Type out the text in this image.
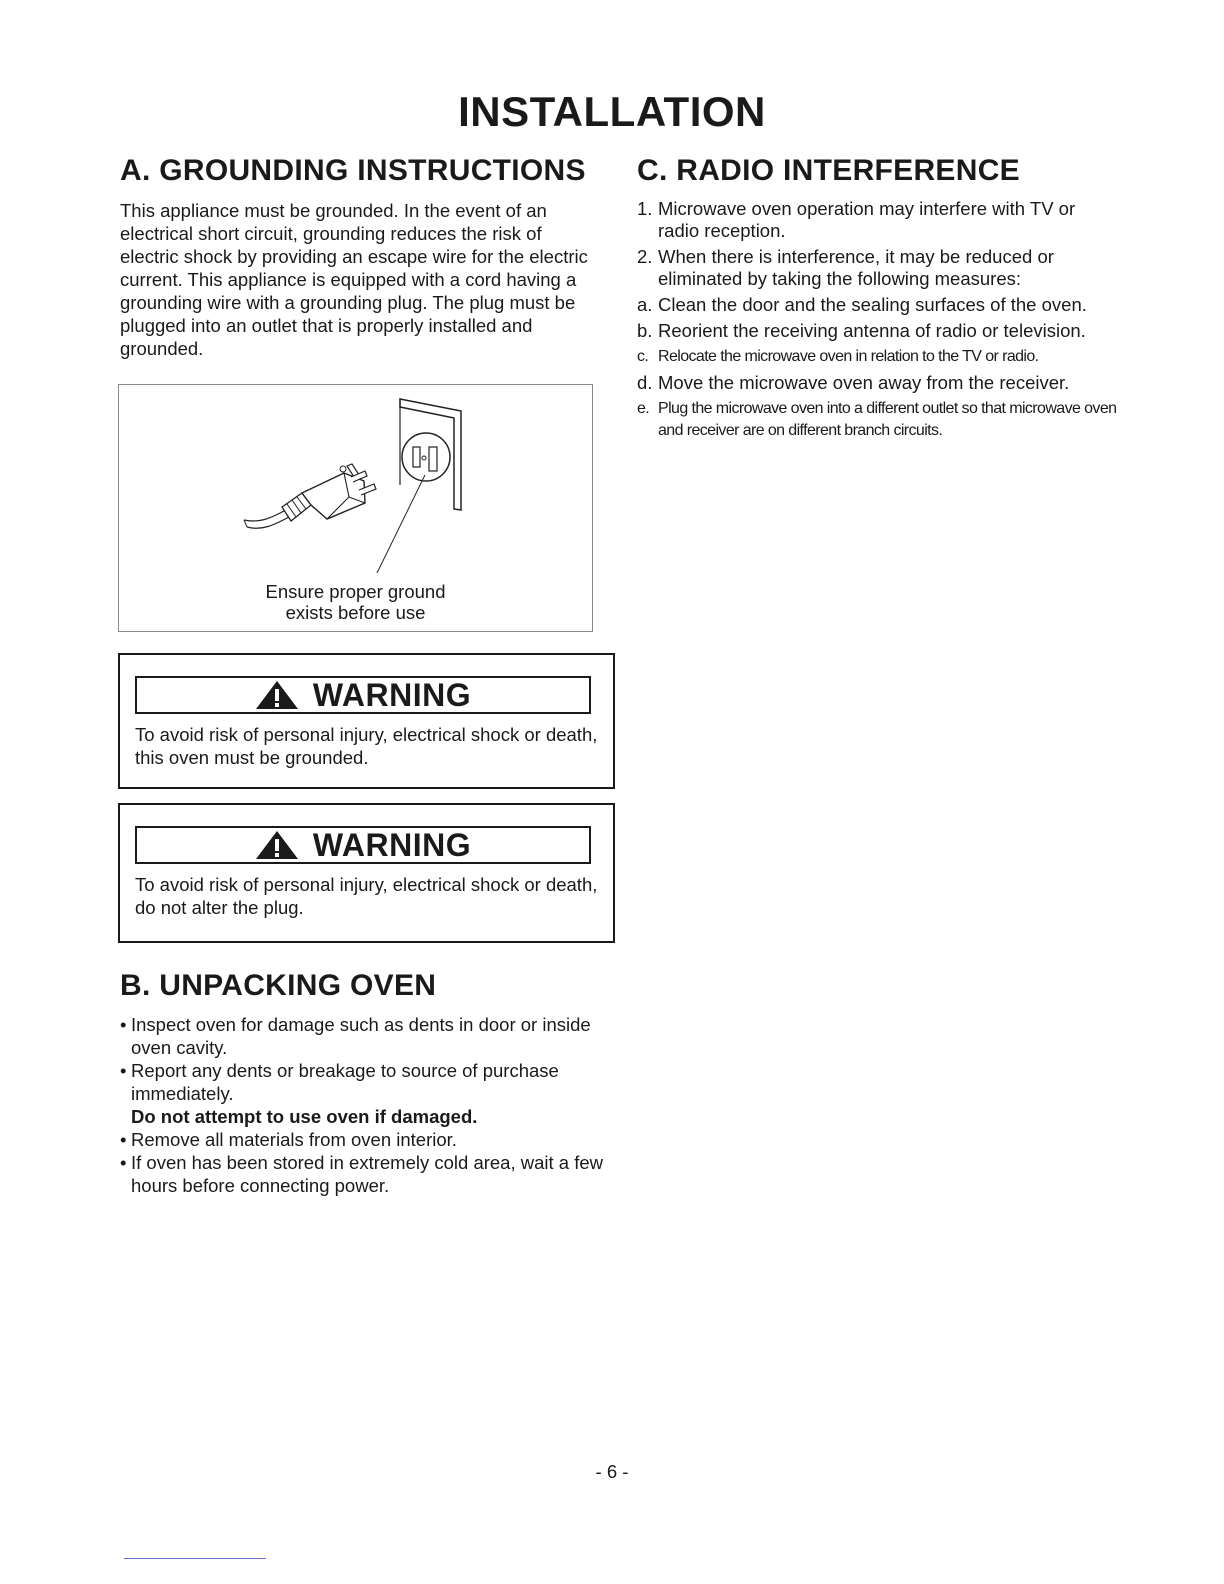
INSTALLATION
A. GROUNDING INSTRUCTIONS

This appliance must be grounded. In the event of an electrical short circuit, grounding reduces the risk of electric shock by providing an escape wire for the electric current. This appliance is equipped with a cord having a grounding wire with a grounding plug. The plug must be plugged into an outlet that is properly installed and grounded.

Ensure proper ground
exists before use
WARNING

To avoid risk of personal injury, electrical shock or death, this oven must be grounded.

WARNING

To avoid risk of personal injury, electrical shock or death, do not alter the plug.

B. UNPACKING OVEN
• Inspect oven for damage such as dents in door or inside oven cavity.
• Report any dents or breakage to source of purchase immediately.
Do not attempt to use oven if damaged.
• Remove all materials from oven interior.
• If oven has been stored in extremely cold area, wait a few hours before connecting power.
C. RADIO INTERFERENCE
1. Microwave oven operation may interfere with TV or radio reception.
2. When there is interference, it may be reduced or eliminated by taking the following measures:
a. Clean the door and the sealing surfaces of the oven.
b. Reorient the receiving antenna of radio or television.
c. Relocate the microwave oven in relation to the TV or radio.
d. Move the microwave oven away from the receiver.
e. Plug the microwave oven into a different outlet so that microwave oven and receiver are on different branch circuits.
- 6 -
